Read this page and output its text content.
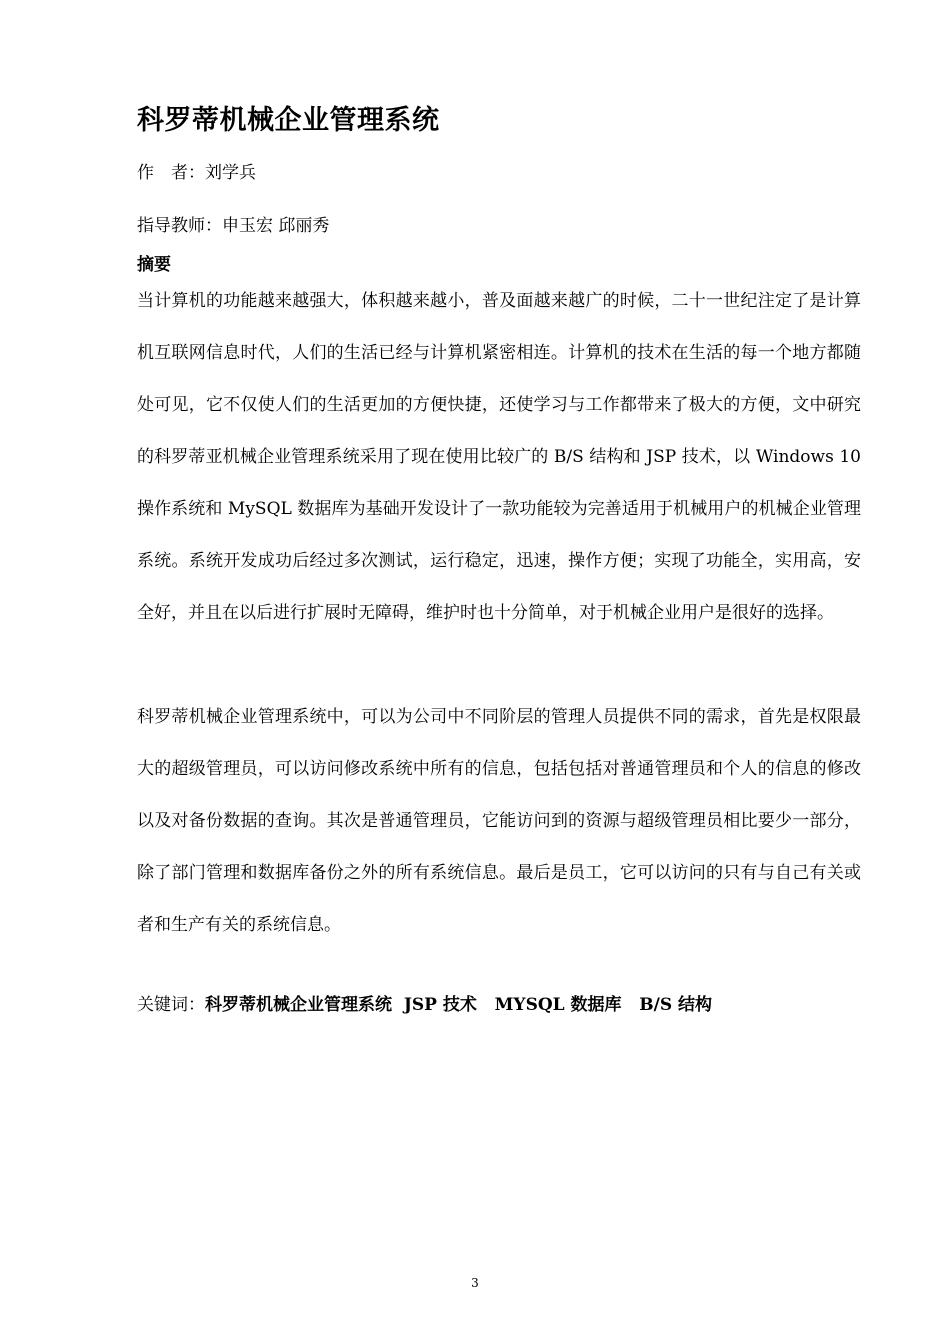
科罗蒂机械企业管理系统
作　者：刘学兵
指导教师：申玉宏 邱丽秀
摘要

当计算机的功能越来越强大，体积越来越小，普及面越来越广的时候，二十一世纪注定了是计算机互联网信息时代，人们的生活已经与计算机紧密相连。计算机的技术在生活的每一个地方都随处可见，它不仅使人们的生活更加的方便快捷，还使学习与工作都带来了极大的方便，文中研究的科罗蒂亚机械企业管理系统采用了现在使用比较广的 B/S 结构和 JSP 技术，以 Windows 10 操作系统和 MySQL 数据库为基础开发设计了一款功能较为完善适用于机械用户的机械企业管理系统。系统开发成功后经过多次测试，运行稳定，迅速，操作方便；实现了功能全，实用高，安全好，并且在以后进行扩展时无障碍，维护时也十分简单，对于机械企业用户是很好的选择。

科罗蒂机械企业管理系统中，可以为公司中不同阶层的管理人员提供不同的需求，首先是权限最大的超级管理员，可以访问修改系统中所有的信息，包括包括对普通管理员和个人的信息的修改以及对备份数据的查询。其次是普通管理员，它能访问到的资源与超级管理员相比要少一部分，除了部门管理和数据库备份之外的所有系统信息。最后是员工，它可以访问的只有与自己有关或者和生产有关的系统信息。

关键词：科罗蒂机械企业管理系统  JSP 技术   MYSQL 数据库   B/S 结构
3
